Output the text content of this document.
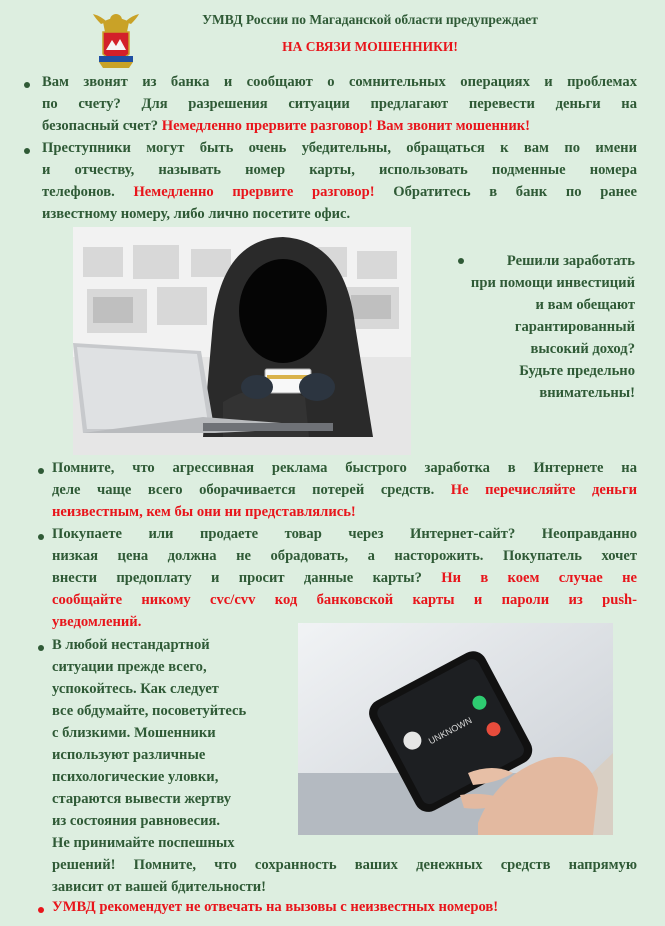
УМВД России по Магаданской области предупреждает
НА СВЯЗИ МОШЕННИКИ!
Вам звонят из банка и сообщают о сомнительных операциях и проблемах
по счету? Для разрешения ситуации предлагают перевести деньги на
безопасный счет? Немедленно прервите разговор! Вам звонит мошенник!
Преступники могут быть очень убедительны, обращаться к вам по имени
и отчеству, называть номер карты, использовать подменные номера
телефонов. Немедленно прервите разговор! Обратитесь в банк по ранее
известному номеру, либо лично посетите офис.
Решили заработать
при помощи инвестиций
и вам обещают
гарантированный
высокий доход?
Будьте предельно
внимательны!
Помните, что агрессивная реклама быстрого заработка в Интернете на
деле чаще всего оборачивается потерей средств. Не перечисляйте деньги
неизвестным, кем бы они ни представлялись!
Покупаете или продаете товар через Интернет-сайт? Неоправданно
низкая цена должна не обрадовать, а насторожить. Покупатель хочет
внести предоплату и просит данные карты? Ни в коем случае не
сообщайте никому cvc/cvv код банковской карты и пароли из push-
уведомлений.
UNKNOWN
В любой нестандартной
ситуации прежде всего,
успокойтесь. Как следует
все обдумайте, посоветуйтесь
с близкими. Мошенники
используют различные
психологические уловки,
стараются вывести жертву
из состояния равновесия.
Не принимайте поспешных
решений! Помните, что сохранность ваших денежных средств напрямую
зависит от вашей бдительности!
УМВД рекомендует не отвечать на вызовы с неизвестных номеров!
